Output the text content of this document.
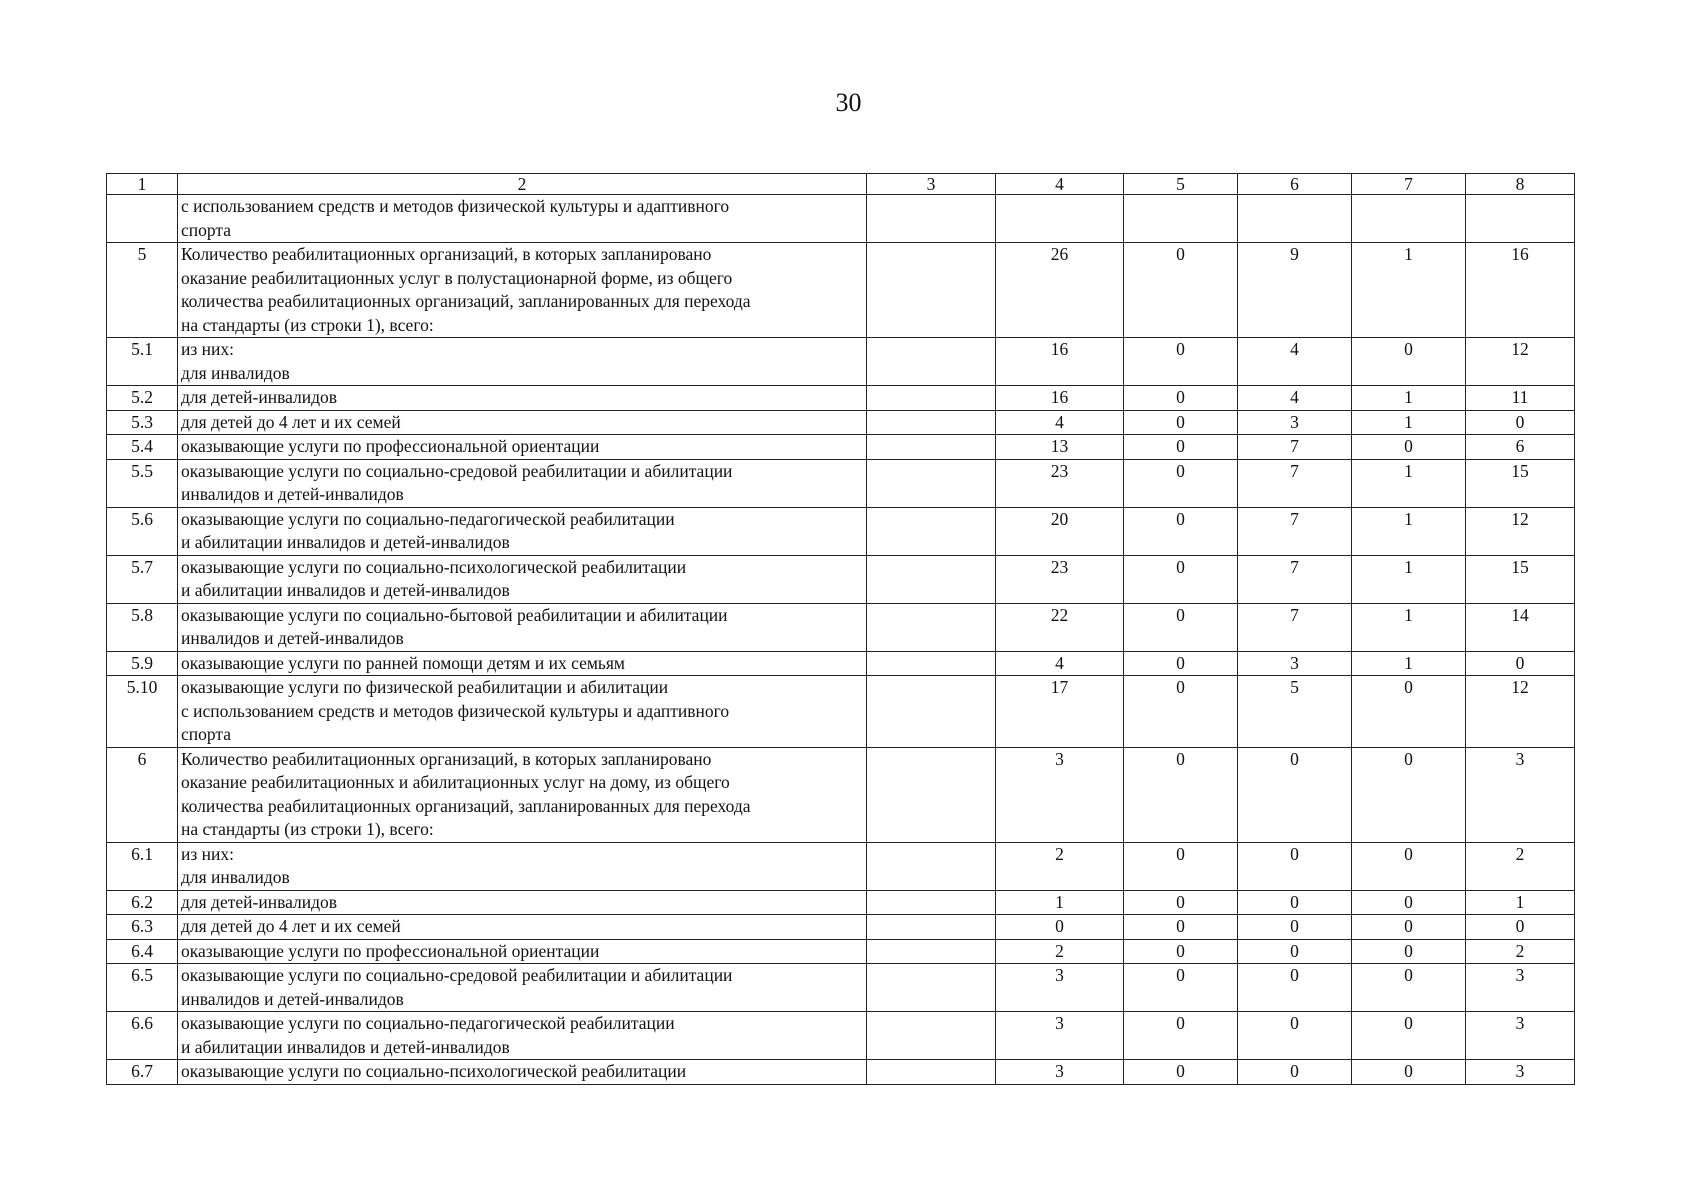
30
1	2	3	4	5	6	7	8
	с использованием средств и методов физической культуры и адаптивного
спорта						
5	Количество реабилитационных организаций, в которых запланировано
оказание реабилитационных услуг в полустационарной форме, из общего
количества реабилитационных организаций, запланированных для перехода
на стандарты (из строки 1), всего:		26	0	9	1	16
5.1	из них:
для инвалидов		16	0	4	0	12
5.2	для детей-инвалидов		16	0	4	1	11
5.3	для детей до 4 лет и их семей		4	0	3	1	0
5.4	оказывающие услуги по профессиональной ориентации		13	0	7	0	6
5.5	оказывающие услуги по социально-средовой реабилитации и абилитации
инвалидов и детей-инвалидов		23	0	7	1	15
5.6	оказывающие услуги по социально-педагогической реабилитации
и абилитации инвалидов и детей-инвалидов		20	0	7	1	12
5.7	оказывающие услуги по социально-психологической реабилитации
и абилитации инвалидов и детей-инвалидов		23	0	7	1	15
5.8	оказывающие услуги по социально-бытовой реабилитации и абилитации
инвалидов и детей-инвалидов		22	0	7	1	14
5.9	оказывающие услуги по ранней помощи детям и их семьям		4	0	3	1	0
5.10	оказывающие услуги по физической реабилитации и абилитации
с использованием средств и методов физической культуры и адаптивного
спорта		17	0	5	0	12
6	Количество реабилитационных организаций, в которых запланировано
оказание реабилитационных и абилитационных услуг на дому, из общего
количества реабилитационных организаций, запланированных для перехода
на стандарты (из строки 1), всего:		3	0	0	0	3
6.1	из них:
для инвалидов		2	0	0	0	2
6.2	для детей-инвалидов		1	0	0	0	1
6.3	для детей до 4 лет и их семей		0	0	0	0	0
6.4	оказывающие услуги по профессиональной ориентации		2	0	0	0	2
6.5	оказывающие услуги по социально-средовой реабилитации и абилитации
инвалидов и детей-инвалидов		3	0	0	0	3
6.6	оказывающие услуги по социально-педагогической реабилитации
и абилитации инвалидов и детей-инвалидов		3	0	0	0	3
6.7	оказывающие услуги по социально-психологической реабилитации		3	0	0	0	3
